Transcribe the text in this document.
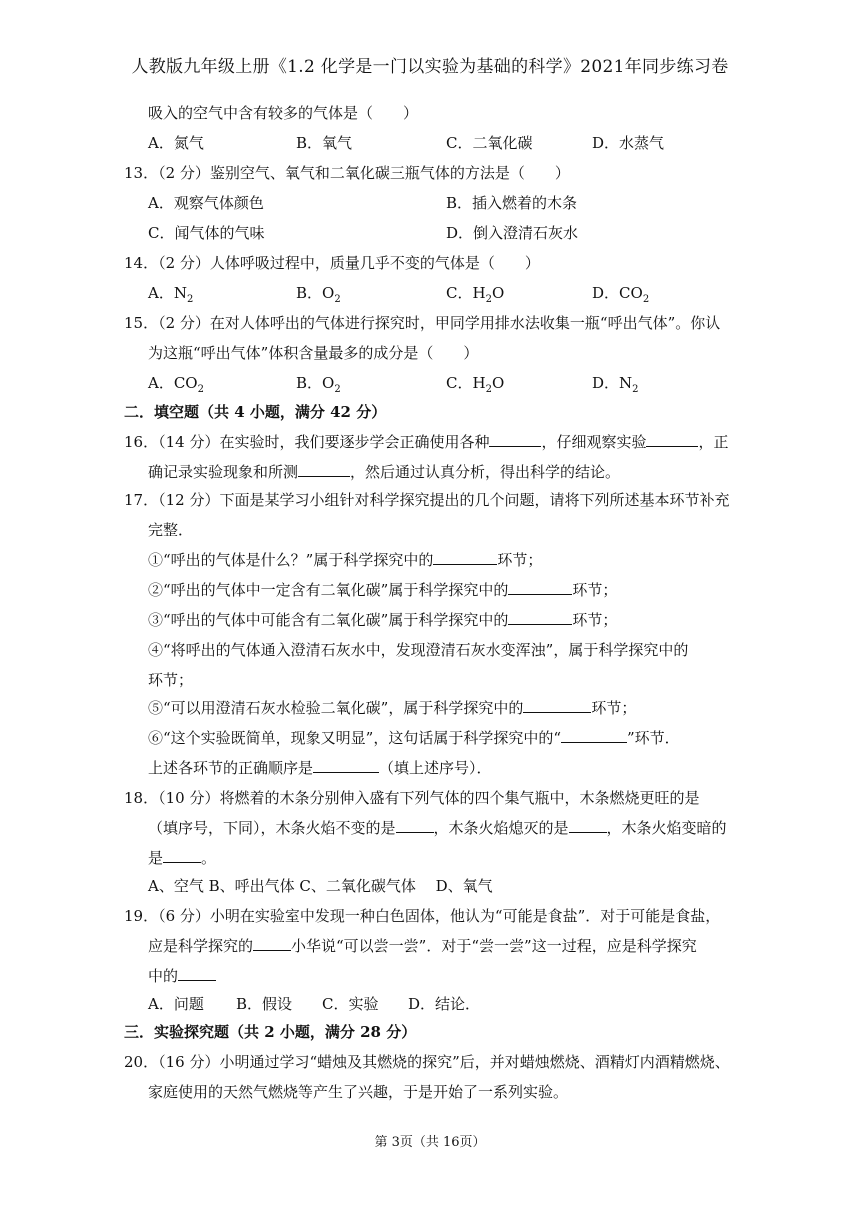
人教版九年级上册《1.2 化学是一门以实验为基础的科学》2021年同步练习卷
吸入的空气中含有较多的气体是（　　）
A．氮气	B．氧气	C．二氧化碳	D．水蒸气
13．（2 分）鉴别空气、氧气和二氧化碳三瓶气体的方法是（　　）
A．观察气体颜色	B．插入燃着的木条
C．闻气体的气味	D．倒入澄清石灰水
14．（2 分）人体呼吸过程中，质量几乎不变的气体是（　　）
A．$N_2$	B．$O_2$	C．$H_2O$	D．$CO_2$
15．（2 分）在对人体呼出的气体进行探究时，甲同学用排水法收集一瓶“呼出气体”。你认
为这瓶“呼出气体”体积含量最多的成分是（　　）
A．$CO_2$	B．$O_2$	C．$H_2O$	D．$N_2$
二．填空题（共 4 小题，满分 42 分）
16．（14 分）在实验时，我们要逐步学会正确使用各种	，仔细观察实验	，正
确记录实验现象和所测	，然后通过认真分析，得出科学的结论。
17．（12 分）下面是某学习小组针对科学探究提出的几个问题，请将下列所述基本环节补充
完整．
①“呼出的气体是什么？”属于科学探究中的	环节；
②“呼出的气体中一定含有二氧化碳”属于科学探究中的	环节；
③“呼出的气体中可能含有二氧化碳”属于科学探究中的	环节；
④“将呼出的气体通入澄清石灰水中，发现澄清石灰水变浑浊”，属于科学探究中的
环节；
⑤“可以用澄清石灰水检验二氧化碳”，属于科学探究中的	环节；
⑥“这个实验既简单，现象又明显”，这句话属于科学探究中的“	”环节．
上述各环节的正确顺序是	（填上述序号）．
18．（10 分）将燃着的木条分别伸入盛有下列气体的四个集气瓶中，木条燃烧更旺的是
（填序号，下同），木条火焰不变的是	，木条火焰熄灭的是	，木条火焰变暗的
是	。
A、空气 B、呼出气体 C、二氧化碳气体　 D、氧气
19．（6 分）小明在实验室中发现一种白色固体，他认为“可能是食盐”．对于可能是食盐，
应是科学探究的	小华说“可以尝一尝”．对于“尝一尝”这一过程，应是科学探究
中的
A．问题 B．假设 C．实验 D．结论．
三．实验探究题（共 2 小题，满分 28 分）
20．（16 分）小明通过学习“蜡烛及其燃烧的探究”后，并对蜡烛燃烧、酒精灯内酒精燃烧、
家庭使用的天然气燃烧等产生了兴趣，于是开始了一系列实验。
第 3页（共 16页）
